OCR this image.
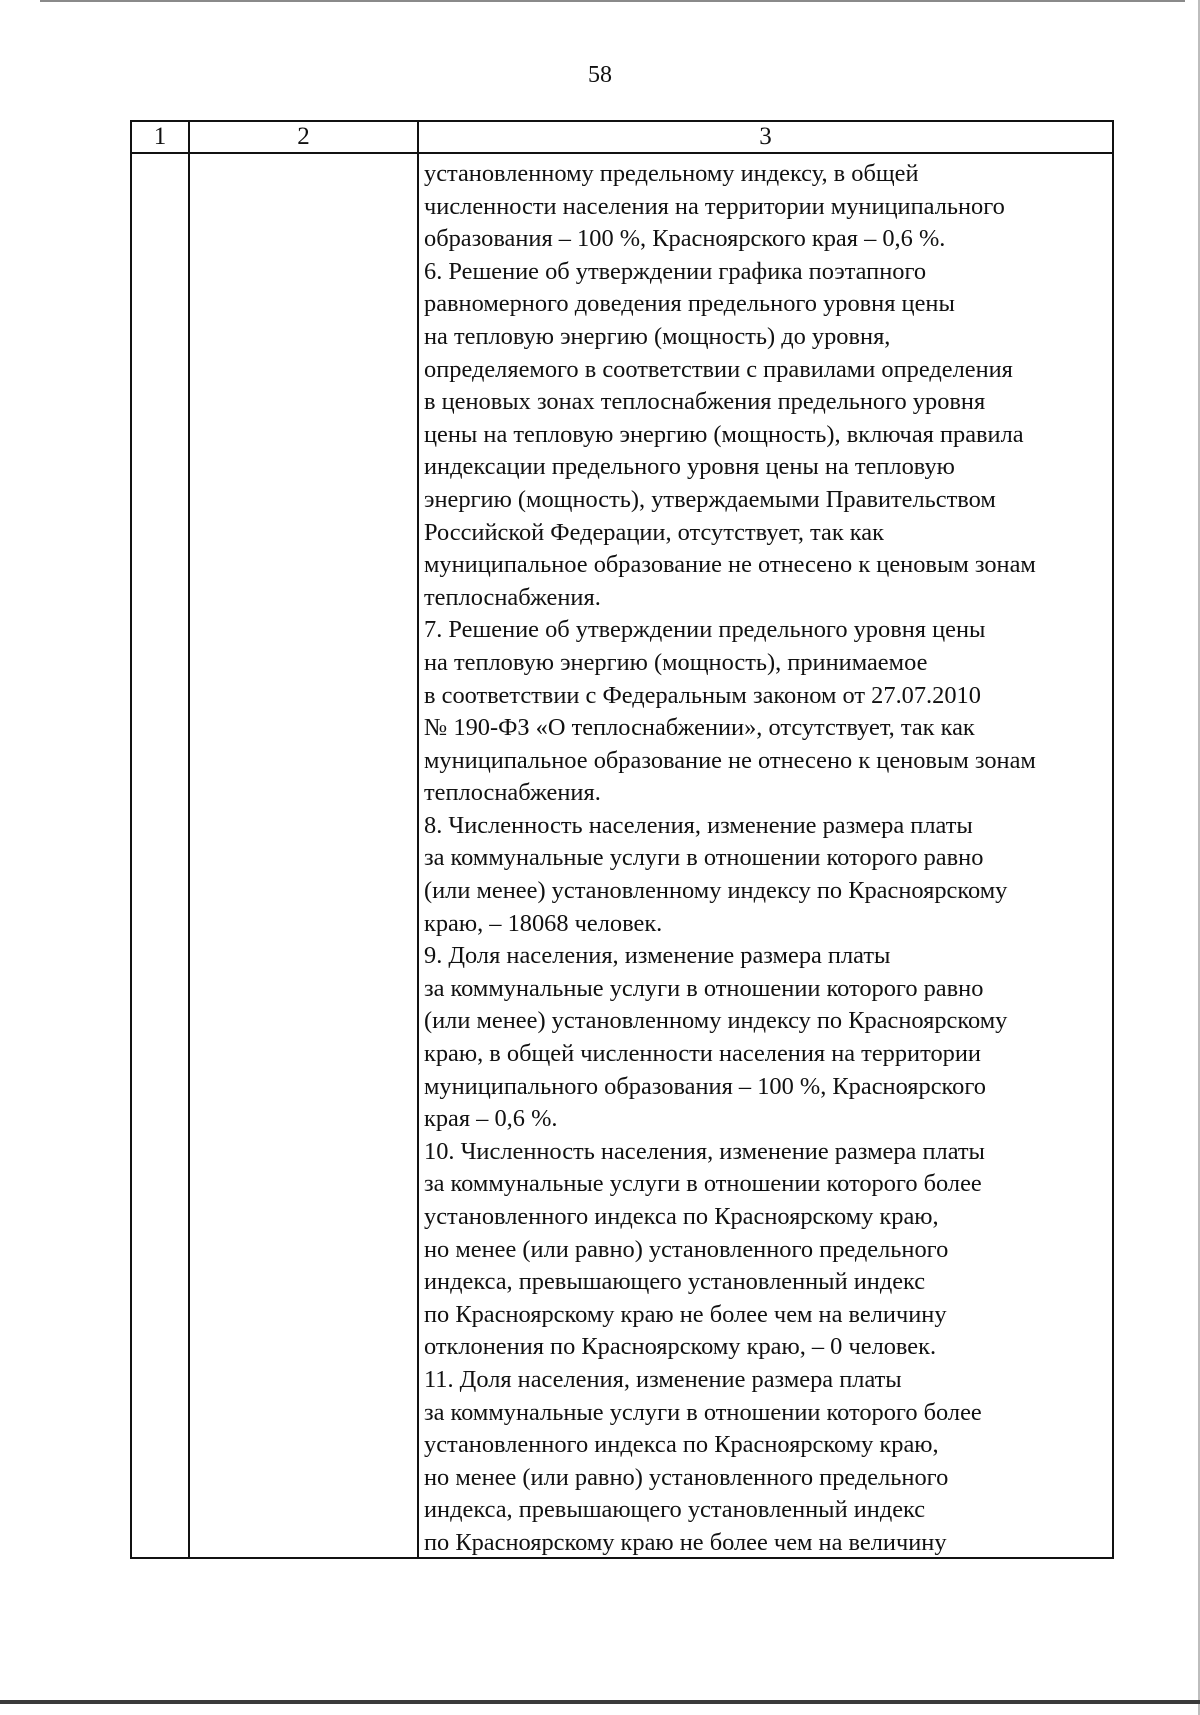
58
1	2	3
установленному предельному индексу, в общей
численности населения на территории муниципального
образования – 100 %, Красноярского края – 0,6 %.
6. Решение об утверждении графика поэтапного
равномерного доведения предельного уровня цены
на тепловую энергию (мощность) до уровня,
определяемого в соответствии с правилами определения
в ценовых зонах теплоснабжения предельного уровня
цены на тепловую энергию (мощность), включая правила
индексации предельного уровня цены на тепловую
энергию (мощность), утверждаемыми Правительством
Российской Федерации, отсутствует, так как
муниципальное образование не отнесено к ценовым зонам
теплоснабжения.
7. Решение об утверждении предельного уровня цены
на тепловую энергию (мощность), принимаемое
в соответствии с Федеральным законом от 27.07.2010
№ 190-ФЗ «О теплоснабжении», отсутствует, так как
муниципальное образование не отнесено к ценовым зонам
теплоснабжения.
8. Численность населения, изменение размера платы
за коммунальные услуги в отношении которого равно
(или менее) установленному индексу по Красноярскому
краю, – 18068 человек.
9. Доля населения, изменение размера платы
за коммунальные услуги в отношении которого равно
(или менее) установленному индексу по Красноярскому
краю, в общей численности населения на территории
муниципального образования – 100 %, Красноярского
края – 0,6 %.
10. Численность населения, изменение размера платы
за коммунальные услуги в отношении которого более
установленного индекса по Красноярскому краю,
но менее (или равно) установленного предельного
индекса, превышающего установленный индекс
по Красноярскому краю не более чем на величину
отклонения по Красноярскому краю, – 0 человек.
11. Доля населения, изменение размера платы
за коммунальные услуги в отношении которого более
установленного индекса по Красноярскому краю,
но менее (или равно) установленного предельного
индекса, превышающего установленный индекс
по Красноярскому краю не более чем на величину
